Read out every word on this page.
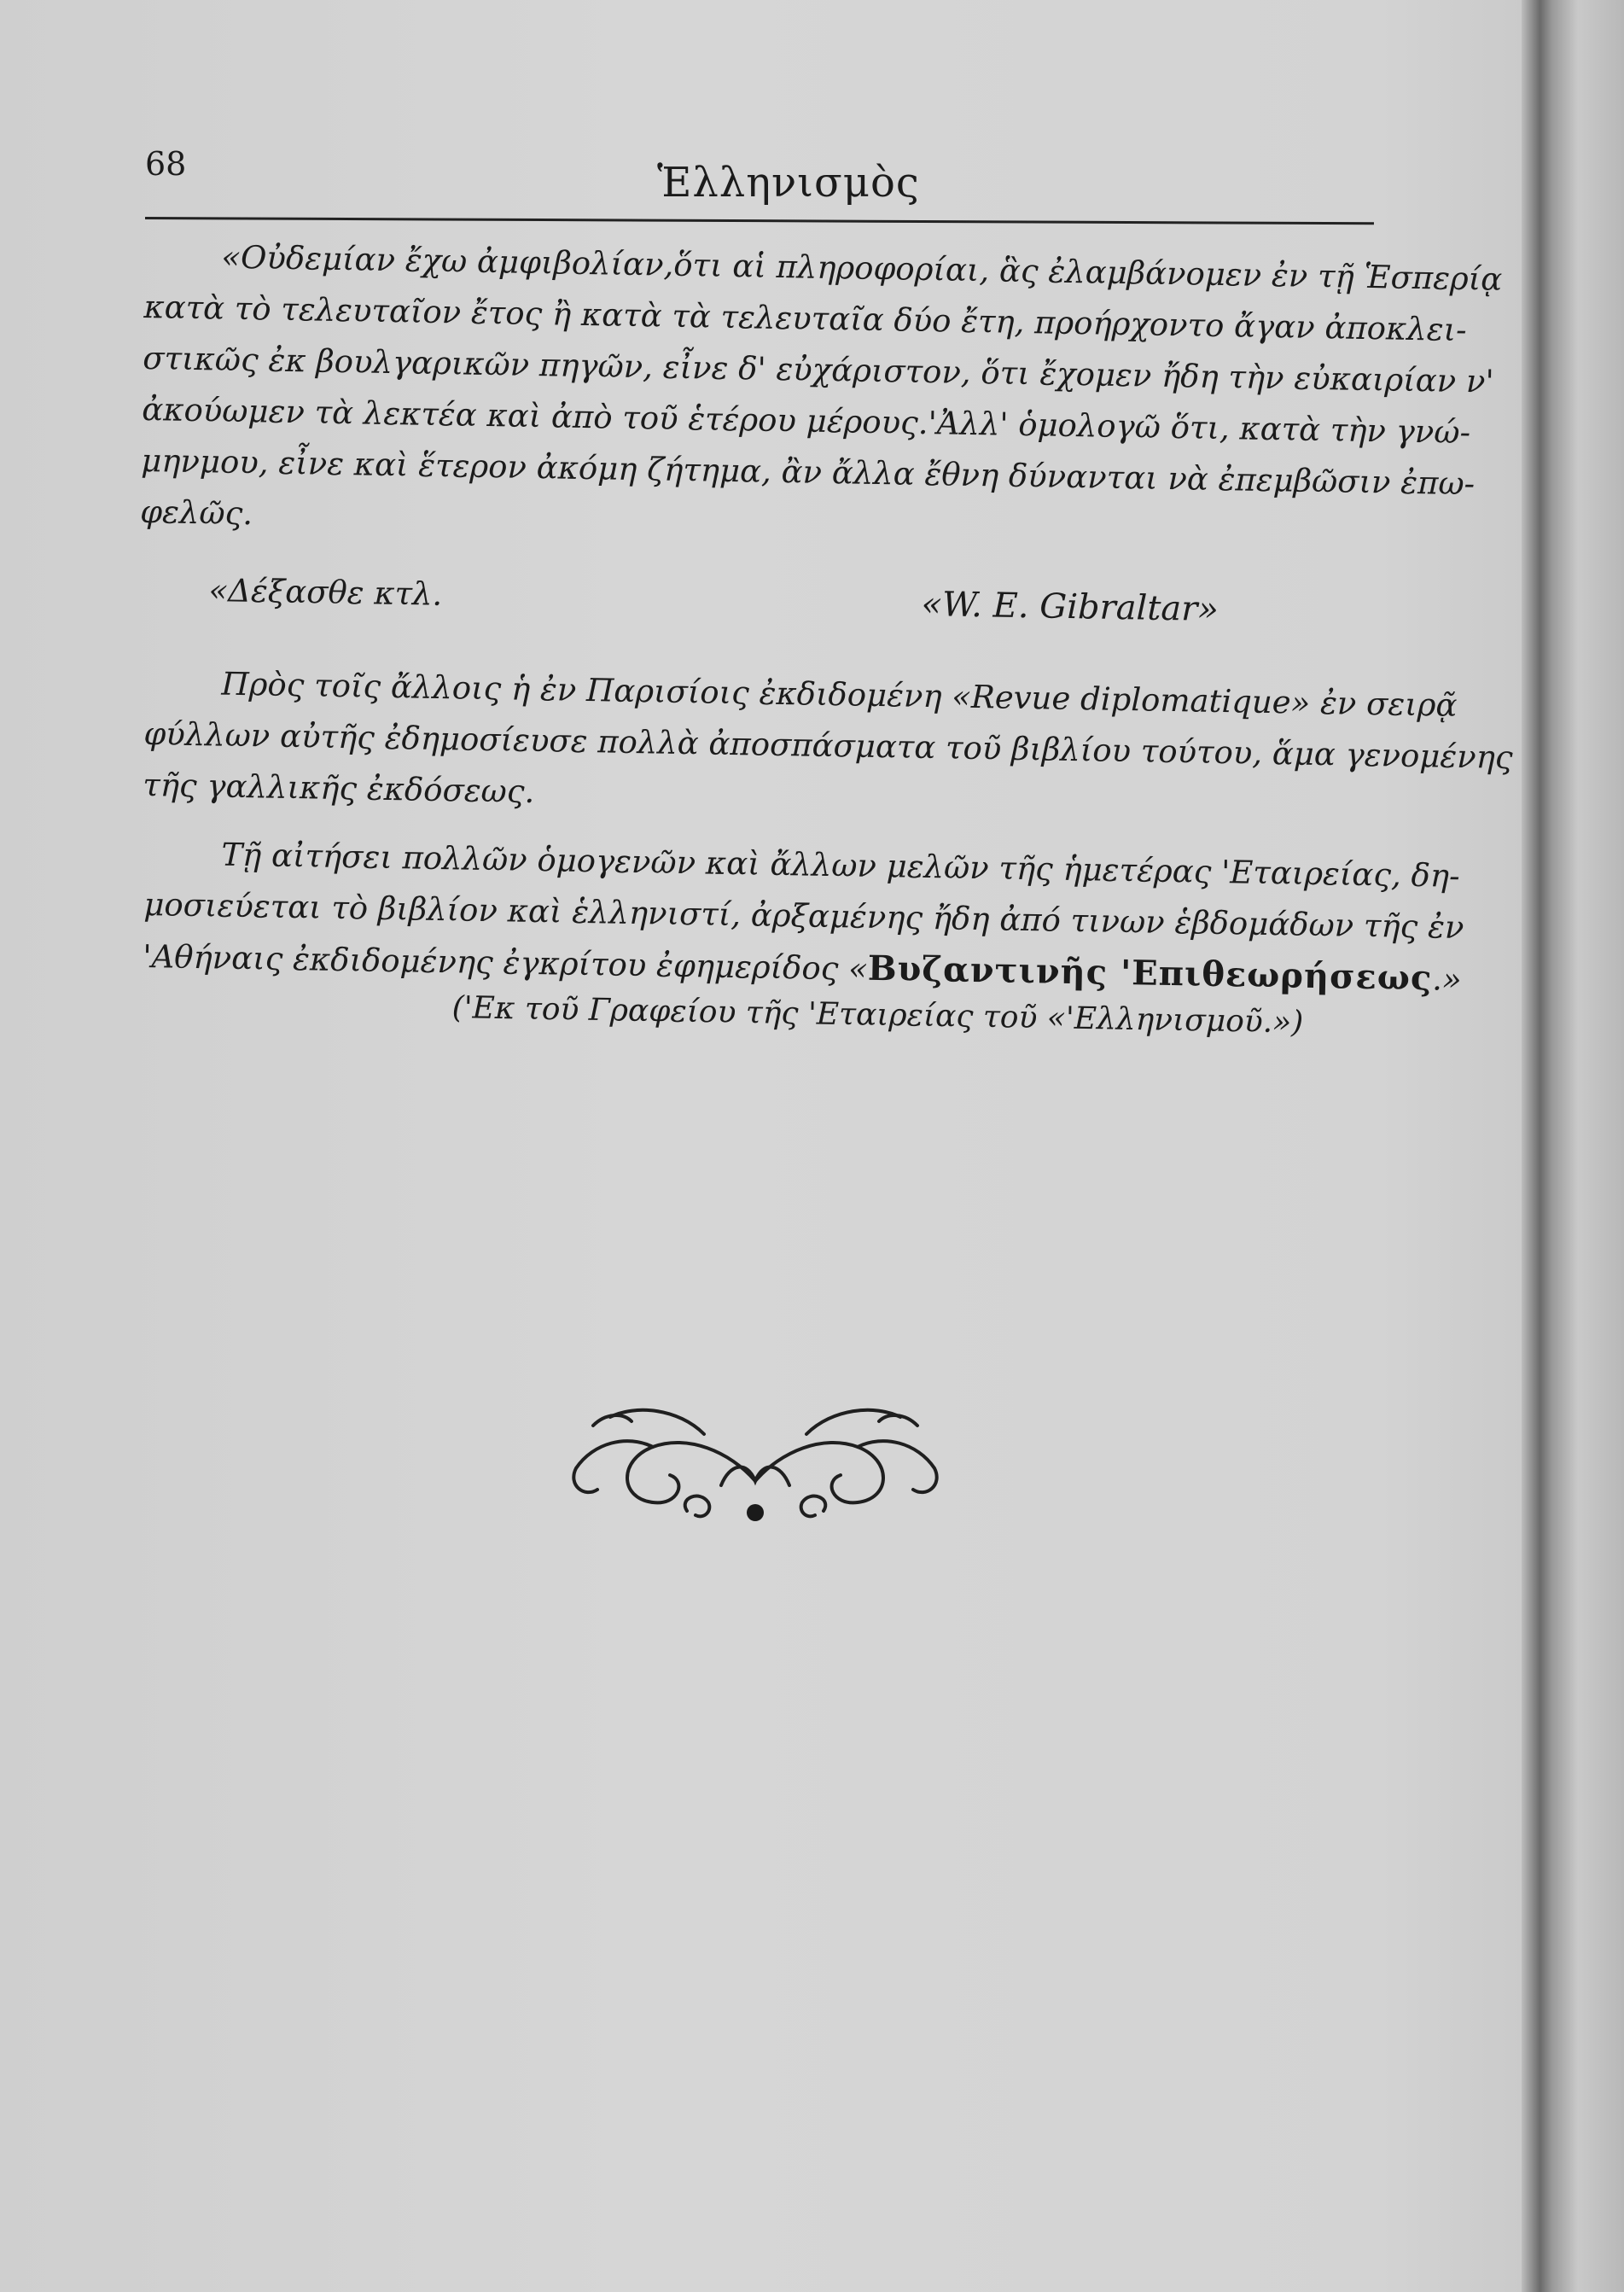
68	Ἑλληνισμὸς
«Οὐδεμίαν ἔχω ἀμφιβολίαν,ὅτι αἱ πληροφορίαι, ἃς ἐλαμβάνομεν ἐν τῇ Ἑσπερίᾳ
κατὰ τὸ τελευταῖον ἔτος ἢ κατὰ τὰ τελευταῖα δύο ἔτη, προήρχοντο ἄγαν ἀποκλει-
στικῶς ἐκ βουλγαρικῶν πηγῶν, εἶνε δ' εὐχάριστον, ὅτι ἔχομεν ἤδη τὴν εὐκαιρίαν ν'
ἀκούωμεν τὰ λεκτέα καὶ ἀπὸ τοῦ ἑτέρου μέρους.'Ἀλλ' ὁμολογῶ ὅτι, κατὰ τὴν γνώ-
μηνμου, εἶνε καὶ ἕτερον ἀκόμη ζήτημα, ἂν ἄλλα ἔθνη δύνανται νὰ ἐπεμβῶσιν ἐπω-
φελῶς.
«Δέξασθε κτλ.	«W. E. Gibraltar»
Πρὸς τοῖς ἄλλοις ἡ ἐν Παρισίοις ἐκδιδομένη «Revue diplomatique» ἐν σειρᾷ
φύλλων αὐτῆς ἐδημοσίευσε πολλὰ ἀποσπάσματα τοῦ βιβλίου τούτου, ἅμα γενομένης
τῆς γαλλικῆς ἐκδόσεως.
Τῇ αἰτήσει πολλῶν ὁμογενῶν καὶ ἄλλων μελῶν τῆς ἡμετέρας 'Εταιρείας, δη-
μοσιεύεται τὸ βιβλίον καὶ ἑλληνιστί, ἀρξαμένης ἤδη ἀπό τινων ἑβδομάδων τῆς ἐν
'Αθήναις ἐκδιδομένης ἐγκρίτου ἐφημερίδος «Βυζαντινῆς 'Επιθεωρήσεως.»
('Εκ τοῦ Γραφείου τῆς 'Εταιρείας τοῦ «'Ελληνισμοῦ.»)
